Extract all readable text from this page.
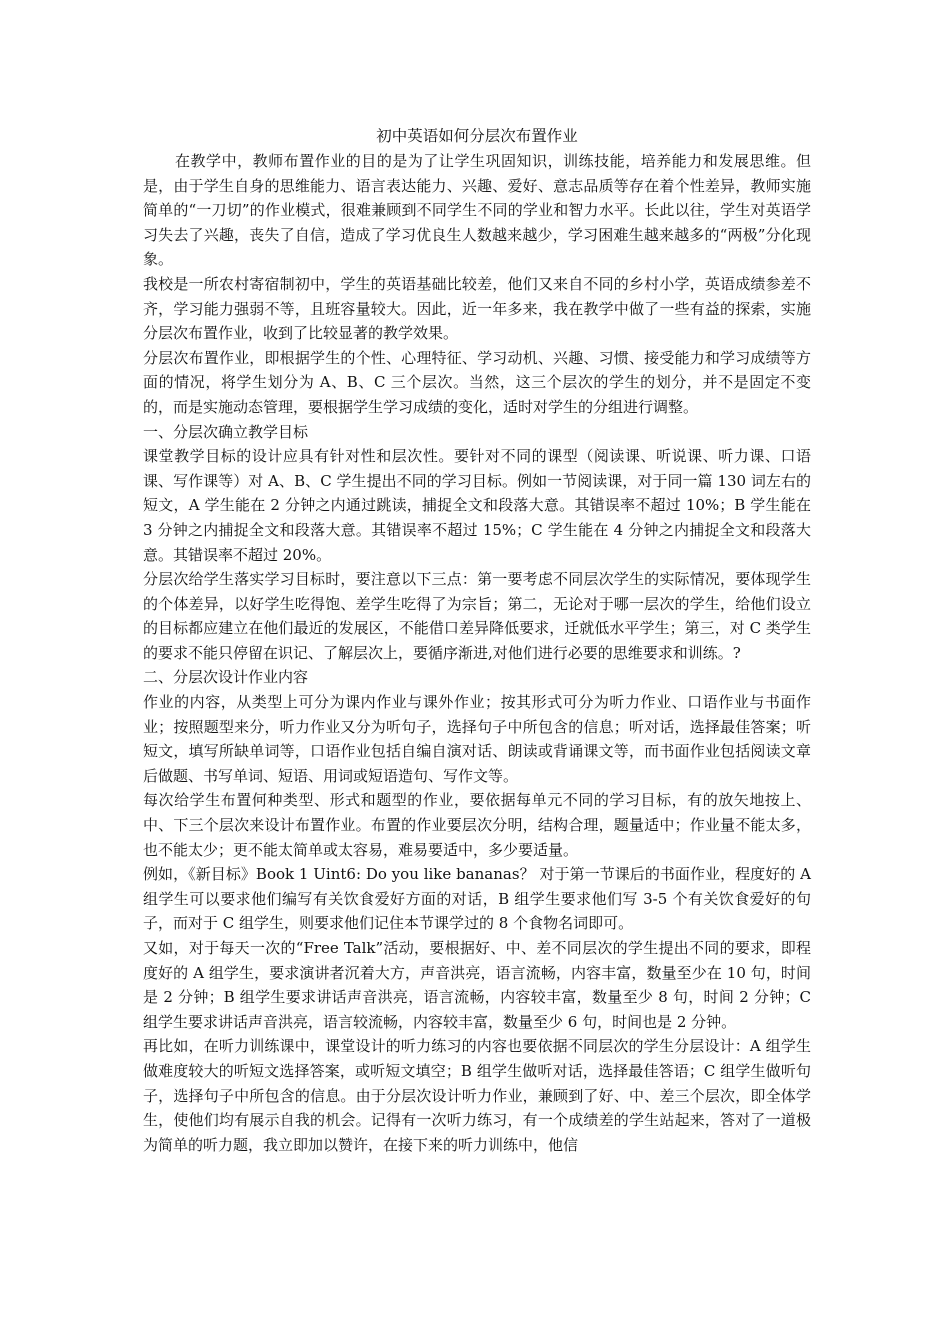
初中英语如何分层次布置作业

在教学中，教师布置作业的目的是为了让学生巩固知识，训练技能，培养能力和发展思维。但是，由于学生自身的思维能力、语言表达能力、兴趣、爱好、意志品质等存在着个性差异，教师实施简单的“一刀切”的作业模式，很难兼顾到不同学生不同的学业和智力水平。长此以往，学生对英语学习失去了兴趣，丧失了自信，造成了学习优良生人数越来越少，学习困难生越来越多的“两极”分化现象。

我校是一所农村寄宿制初中，学生的英语基础比较差，他们又来自不同的乡村小学，英语成绩参差不齐，学习能力强弱不等，且班容量较大。因此，近一年多来，我在教学中做了一些有益的探索，实施分层次布置作业，收到了比较显著的教学效果。

分层次布置作业，即根据学生的个性、心理特征、学习动机、兴趣、习惯、接受能力和学习成绩等方面的情况，将学生划分为 A、B、C 三个层次。当然，这三个层次的学生的划分，并不是固定不变的，而是实施动态管理，要根据学生学习成绩的变化，适时对学生的分组进行调整。

一、分层次确立教学目标

课堂教学目标的设计应具有针对性和层次性。要针对不同的课型（阅读课、听说课、听力课、口语课、写作课等）对 A、B、C 学生提出不同的学习目标。例如一节阅读课，对于同一篇 130 词左右的短文，A 学生能在 2 分钟之内通过跳读，捕捉全文和段落大意。其错误率不超过 10%；B 学生能在 3 分钟之内捕捉全文和段落大意。其错误率不超过 15%；C 学生能在 4 分钟之内捕捉全文和段落大意。其错误率不超过 20%。

分层次给学生落实学习目标时，要注意以下三点：第一要考虑不同层次学生的实际情况，要体现学生的个体差异，以好学生吃得饱、差学生吃得了为宗旨；第二，无论对于哪一层次的学生，给他们设立的目标都应建立在他们最近的发展区，不能借口差异降低要求，迁就低水平学生；第三，对 C 类学生的要求不能只停留在识记、了解层次上，要循序渐进,对他们进行必要的思维要求和训练。?

二、分层次设计作业内容

作业的内容，从类型上可分为课内作业与课外作业；按其形式可分为听力作业、口语作业与书面作业；按照题型来分，听力作业又分为听句子，选择句子中所包含的信息；听对话，选择最佳答案；听短文，填写所缺单词等，口语作业包括自编自演对话、朗读或背诵课文等，而书面作业包括阅读文章后做题、书写单词、短语、用词或短语造句、写作文等。

每次给学生布置何种类型、形式和题型的作业，要依据每单元不同的学习目标，有的放矢地按上、中、下三个层次来设计布置作业。布置的作业要层次分明，结构合理，题量适中；作业量不能太多，也不能太少；更不能太简单或太容易，难易要适中，多少要适量。

例如，《新目标》Book 1 Uint6: Do you like bananas？ 对于第一节课后的书面作业，程度好的 A 组学生可以要求他们编写有关饮食爱好方面的对话，B 组学生要求他们写 3-5 个有关饮食爱好的句子，而对于 C 组学生，则要求他们记住本节课学过的 8 个食物名词即可。

又如，对于每天一次的“Free Talk”活动，要根据好、中、差不同层次的学生提出不同的要求，即程度好的 A 组学生，要求演讲者沉着大方，声音洪亮，语言流畅，内容丰富，数量至少在 10 句，时间是 2 分钟；B 组学生要求讲话声音洪亮，语言流畅，内容较丰富，数量至少 8 句，时间 2 分钟；C 组学生要求讲话声音洪亮，语言较流畅，内容较丰富，数量至少 6 句，时间也是 2 分钟。

再比如，在听力训练课中，课堂设计的听力练习的内容也要依据不同层次的学生分层设计：A 组学生做难度较大的听短文选择答案，或听短文填空；B 组学生做听对话，选择最佳答语；C 组学生做听句子，选择句子中所包含的信息。由于分层次设计听力作业，兼顾到了好、中、差三个层次，即全体学生，使他们均有展示自我的机会。记得有一次听力练习，有一个成绩差的学生站起来，答对了一道极为简单的听力题，我立即加以赞许，在接下来的听力训练中，他信
